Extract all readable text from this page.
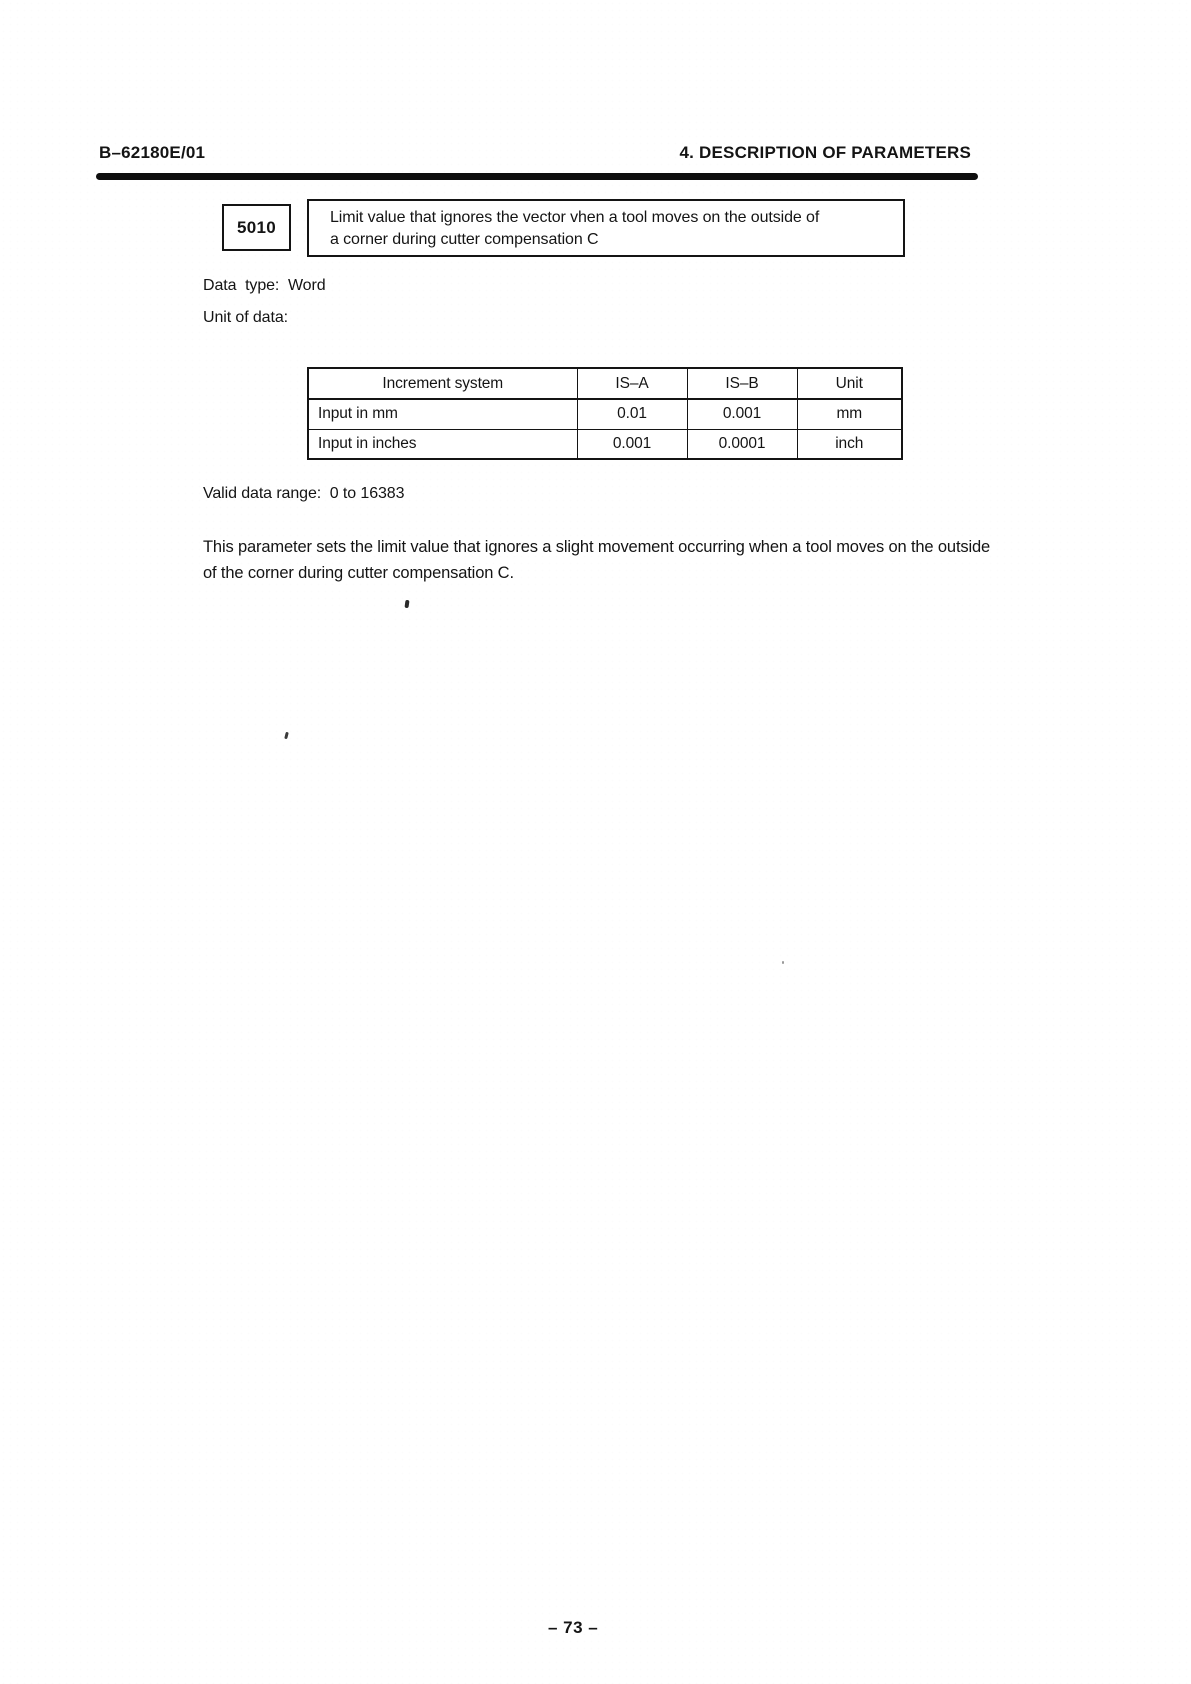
B–62180E/01	4. DESCRIPTION OF PARAMETERS
5010	Limit value that ignores the vector vhen a tool moves on the outside of
a corner during cutter compensation C
Data  type:  Word
Unit of data:
Increment system	IS–A	IS–B	Unit
Input in mm	0.01	0.001	mm
Input in inches	0.001	0.0001	inch
Valid data range:  0 to 16383
This parameter sets the limit value that ignores a slight movement occurring when a tool moves on the outside
of the corner during cutter compensation C.
– 73 –
